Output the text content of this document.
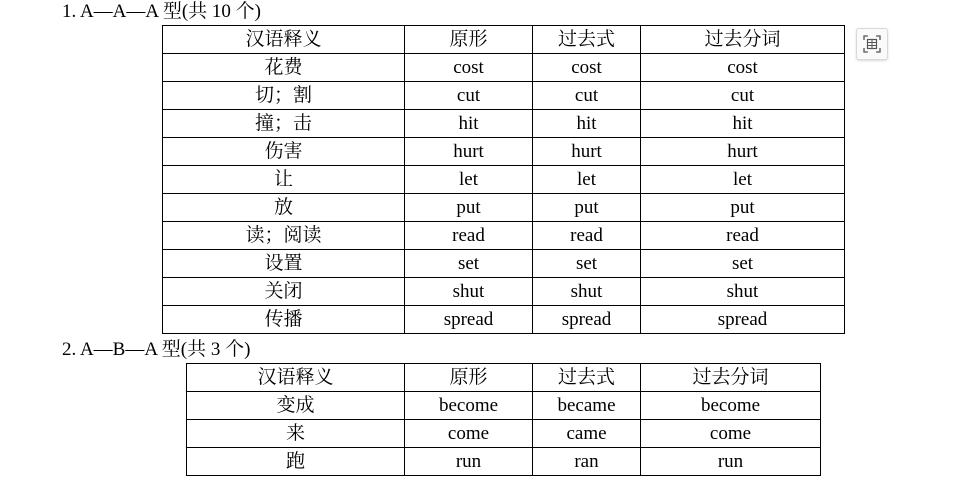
1. A—A—A 型(共 10 个)
汉语释义	原形	过去式	过去分词
花费	cost	cost	cost
切；割	cut	cut	cut
撞；击	hit	hit	hit
伤害	hurt	hurt	hurt
让	let	let	let
放	put	put	put
读；阅读	read	read	read
设置	set	set	set
关闭	shut	shut	shut
传播	spread	spread	spread
2. A—B—A 型(共 3 个)
汉语释义	原形	过去式	过去分词
变成	become	became	become
来	come	came	come
跑	run	ran	run
